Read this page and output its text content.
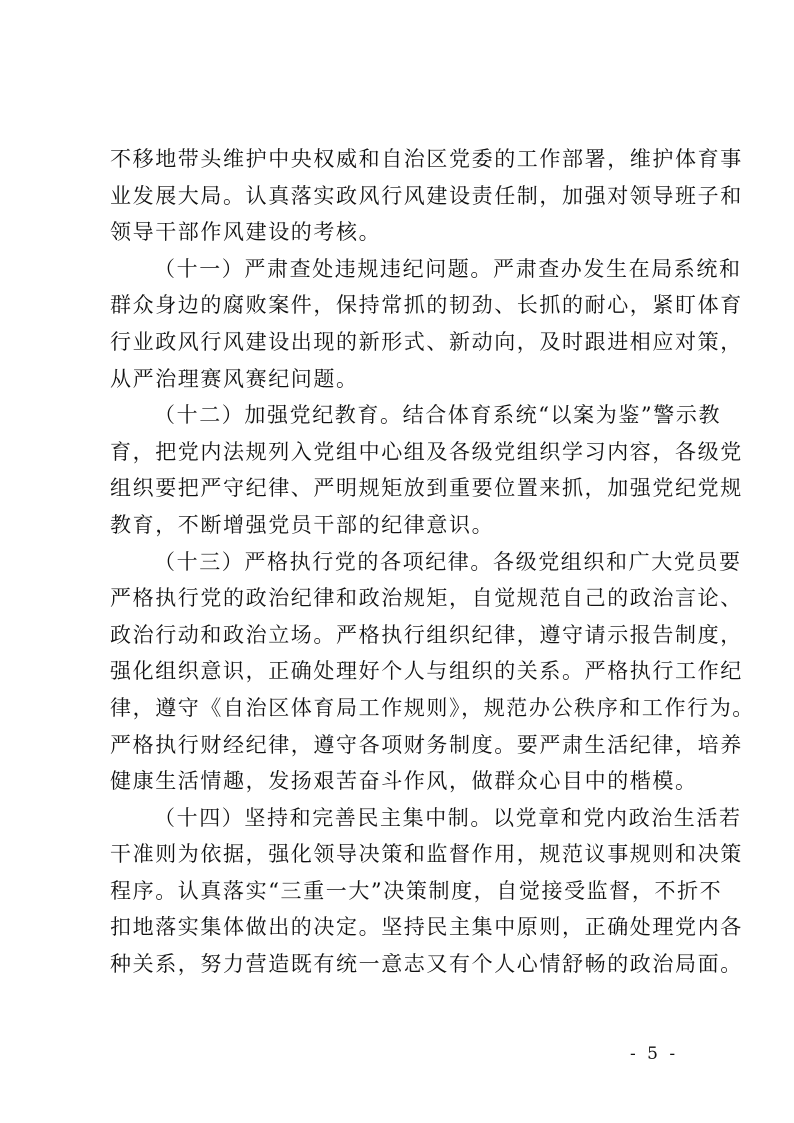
不移地带头维护中央权威和自治区党委的工作部署，维护体育事
业发展大局。认真落实政风行风建设责任制，加强对领导班子和
领导干部作风建设的考核。
（十一）严肃查处违规违纪问题。严肃查办发生在局系统和
群众身边的腐败案件，保持常抓的韧劲、长抓的耐心，紧盯体育
行业政风行风建设出现的新形式、新动向，及时跟进相应对策，
从严治理赛风赛纪问题。
（十二）加强党纪教育。结合体育系统“以案为鉴”警示教
育，把党内法规列入党组中心组及各级党组织学习内容，各级党
组织要把严守纪律、严明规矩放到重要位置来抓，加强党纪党规
教育，不断增强党员干部的纪律意识。
（十三）严格执行党的各项纪律。各级党组织和广大党员要
严格执行党的政治纪律和政治规矩，自觉规范自己的政治言论、
政治行动和政治立场。严格执行组织纪律，遵守请示报告制度，
强化组织意识，正确处理好个人与组织的关系。严格执行工作纪
律，遵守《自治区体育局工作规则》，规范办公秩序和工作行为。
严格执行财经纪律，遵守各项财务制度。要严肃生活纪律，培养
健康生活情趣，发扬艰苦奋斗作风，做群众心目中的楷模。
（十四）坚持和完善民主集中制。以党章和党内政治生活若
干准则为依据，强化领导决策和监督作用，规范议事规则和决策
程序。认真落实“三重一大”决策制度，自觉接受监督，不折不
扣地落实集体做出的决定。坚持民主集中原则，正确处理党内各
种关系，努力营造既有统一意志又有个人心情舒畅的政治局面。
- 5 -
